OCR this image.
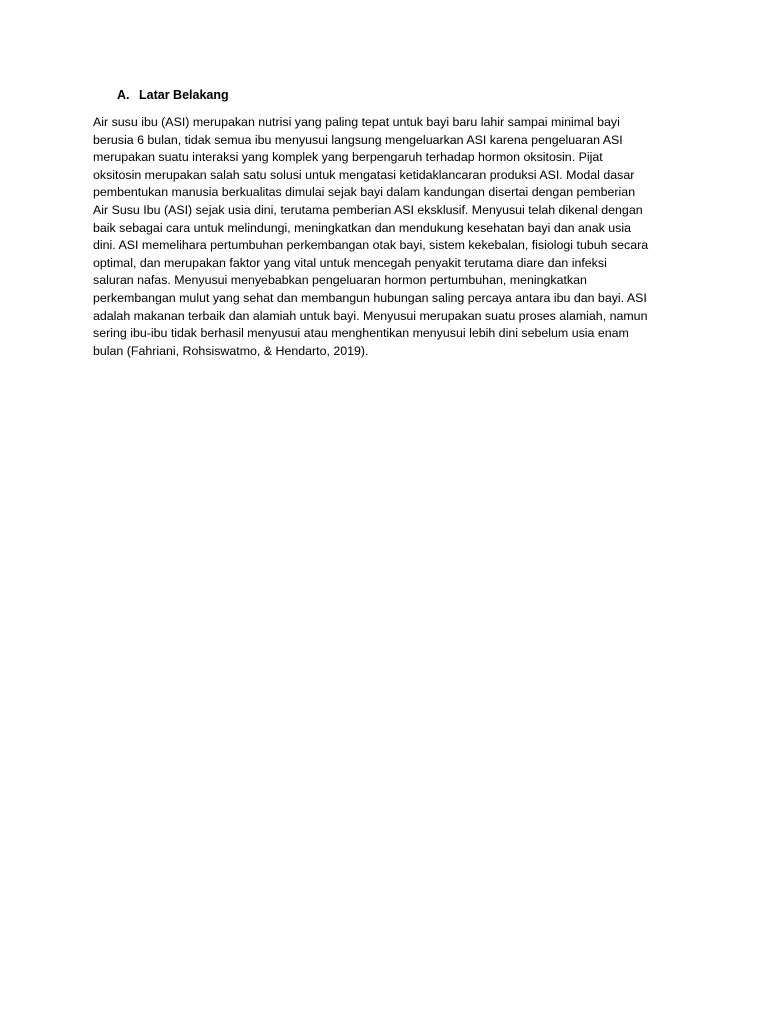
A. Latar Belakang

Air susu ibu (ASI) merupakan nutrisi yang paling tepat untuk bayi baru lahir sampai minimal bayi
berusia 6 bulan, tidak semua ibu menyusui langsung mengeluarkan ASI karena pengeluaran ASI
merupakan suatu interaksi yang komplek yang berpengaruh terhadap hormon oksitosin. Pijat
oksitosin merupakan salah satu solusi untuk mengatasi ketidaklancaran produksi ASI. Modal dasar
pembentukan manusia berkualitas dimulai sejak bayi dalam kandungan disertai dengan pemberian
Air Susu Ibu (ASI) sejak usia dini, terutama pemberian ASI eksklusif. Menyusui telah dikenal dengan
baik sebagai cara untuk melindungi, meningkatkan dan mendukung kesehatan bayi dan anak usia
dini. ASI memelihara pertumbuhan perkembangan otak bayi, sistem kekebalan, fisiologi tubuh secara
optimal, dan merupakan faktor yang vital untuk mencegah penyakit terutama diare dan infeksi
saluran nafas. Menyusui menyebabkan pengeluaran hormon pertumbuhan, meningkatkan
perkembangan mulut yang sehat dan membangun hubungan saling percaya antara ibu dan bayi. ASI
adalah makanan terbaik dan alamiah untuk bayi. Menyusui merupakan suatu proses alamiah, namun
sering ibu-ibu tidak berhasil menyusui atau menghentikan menyusui lebih dini sebelum usia enam
bulan (Fahriani, Rohsiswatmo, & Hendarto, 2019).
